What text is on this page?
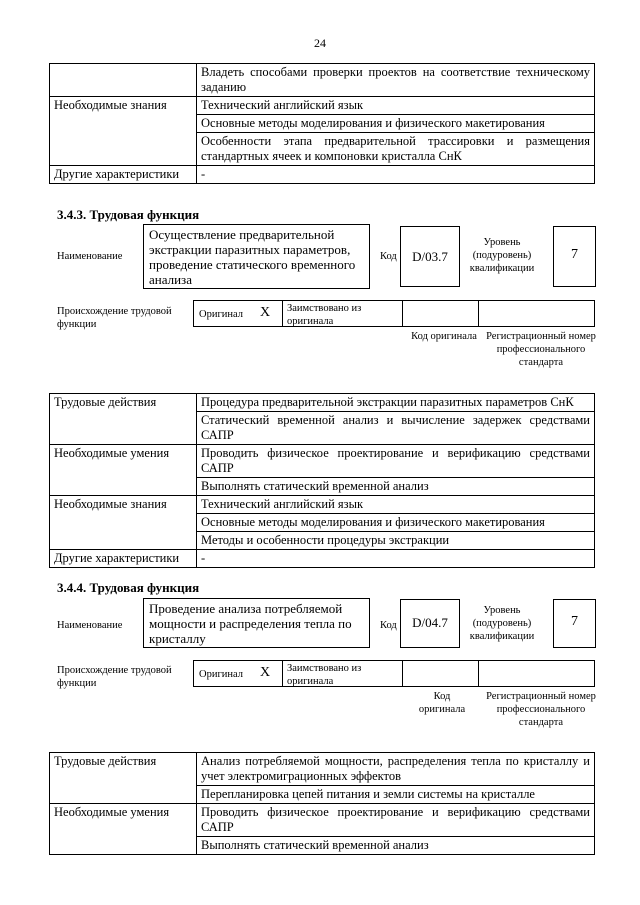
24
	Владеть способами проверки проектов на соответствие техническому заданию
Необходимые знания	Технический английский язык
	Основные методы моделирования и физического макетирования
	Особенности этапа предварительной трассировки и размещения стандартных ячеек и компоновки кристалла СнК
Другие характеристики	-
3.4.3. Трудовая функция
Наименование
Осуществление предварительной экстракции паразитных параметров, проведение статического временного анализа
Код	D/03.7
Уровень (подуровень) квалификации
7
Происхождение трудовой функции
Оригинал X Заимствовано из оригинала
Код оригинала Регистрационный номер профессионального стандарта
Трудовые действия	Процедура предварительной экстракции паразитных параметров СнК
	Статический временной анализ и вычисление задержек средствами САПР
Необходимые умения	Проводить физическое проектирование и верификацию средствами САПР
	Выполнять статический временной анализ
Необходимые знания	Технический английский язык
	Основные методы моделирования и физического макетирования
	Методы и особенности процедуры экстракции
Другие характеристики	-
3.4.4. Трудовая функция
Наименование
Проведение анализа потребляемой мощности и распределения тепла по кристаллу
Код	D/04.7
Уровень (подуровень) квалификации
7
Происхождение трудовой функции
Оригинал X Заимствовано из оригинала
Код оригинала
Регистрационный номер профессионального стандарта
Трудовые действия	Анализ потребляемой мощности, распределения тепла по кристаллу и учет электромиграционных эффектов
	Перепланировка цепей питания и земли системы на кристалле
Необходимые умения	Проводить физическое проектирование и верификацию средствами САПР
	Выполнять статический временной анализ
